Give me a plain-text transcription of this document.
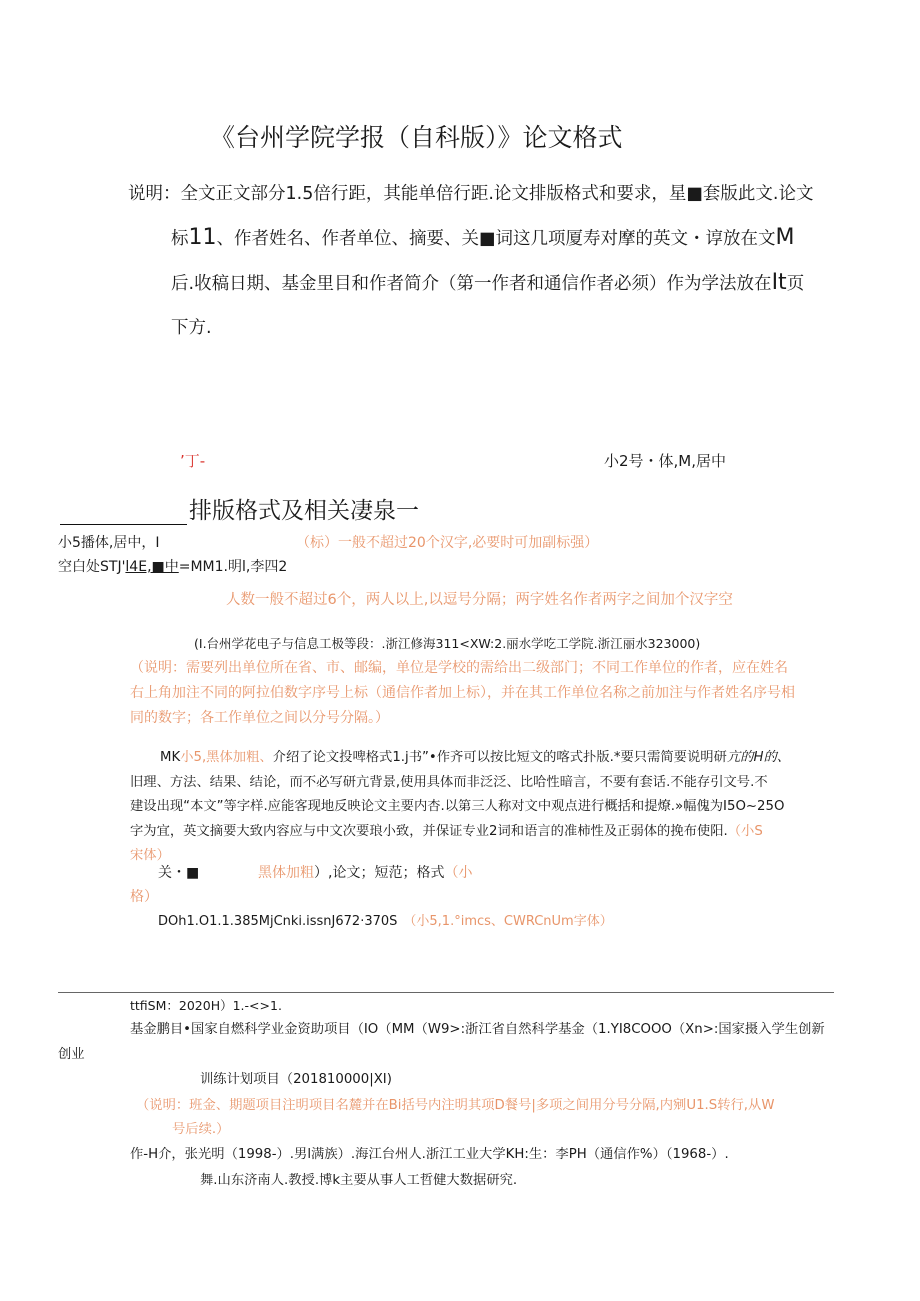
《台州学院学报（自科版）》论文格式
说明：全文正文部分1.5倍行距，其能单倍行距.论文排版格式和要求，星■套版此文.论文
标11、作者姓名、作者单位、摘要、关■词这几项厦寿对摩的英文・谆放在文M
后.收稿日期、基金里目和作者简介（第一作者和通信作者必须）作为学法放在It页
下方.
’丁-	小2号・体,M,居中
排版格式及相关凄泉一
小5播体,居中，I	（标）一般不超过20个汉字,必要时可加副标强）
空白处STJ'l4E,■中=MM1.明l,李四2
人数一般不超过6个，两人以上,以逗号分隔；两字姓名作者两字之间加个汉字空
(I.台州学花电子与信息工极等段：.浙江修海311<XW:2.丽水学吃工学院.浙江丽水323000)
（说明：需要列出单位所在省、市、邮编，单位是学校的需给出二级部门；不同工作单位的作者，应在姓名
右上角加注不同的阿拉伯数字序号上标（通信作者加上标），并在其工作单位名称之前加注与作者姓名序号相
同的数字；各工作单位之间以分号分隔。）
MK小5,黑体加粗、介绍了论文投啤格式1.j书”•作齐可以按比短文的喀式扑版.*要只需简要说明研亢的H的、
旧理、方法、结果、结论，而不必写研亢背景,使用具体而非泛泛、比哈性暗言，不要有套话.不能存引文号.不
建设出现“本文”等字样.应能客现地反映论文主要内杏.以第三人称对文中观点进行概括和提燎.»幅傀为I5O~25O
字为宜，英文摘要大致内容应与中文次要琅小致，并保证专业2词和语言的准柿性及正弱体的挽布使阳.（小S
宋体）
关・■	黑体加粗）,论文；短范；格式（小
格）
DOh1.O1.1.385MjCnki.issnJ672·370S （小5,1.°imcs、CWRCnUm字体）
ttfiSM：2020H）1.-<>1.
基金鹏目•国家自燃科学业金资助项目（IO（MM（W9>:浙江省自然科学基金（1.YI8COOO（Xn>:国家摄入学生创新
创业
训练计划项目（201810000|XI)
（说明：班金、期题项目注明项目名麓并在Bi括号内注明其项D餐号|多项之间用分号分隔,内剜U1.S转行,从W
号后续.）
作-H介，张光明（1998-）.男l满族）.海江台州人.浙江工业大学KH:生：李PH（通信作%）（1968-）.
舞.山东济南人.教授.博k主要从事人工哲健大数据研究.
